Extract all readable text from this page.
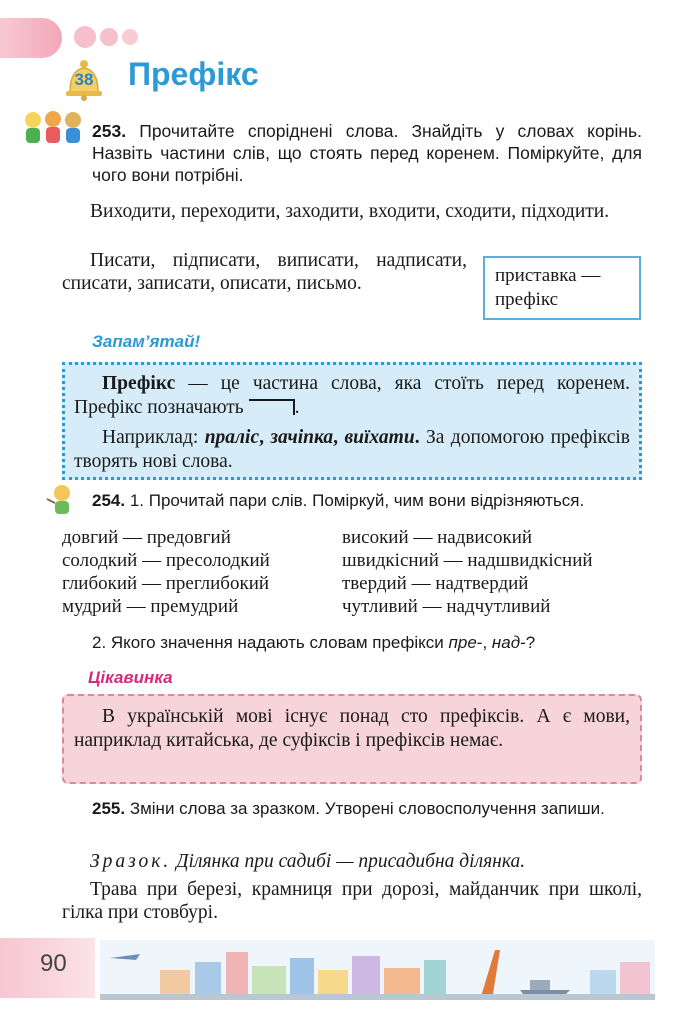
38	Префікс

253. Прочитайте споріднені слова. Знайдіть у словах корінь. Назвіть частини слів, що стоять перед коренем. Поміркуйте, для чого вони потрібні.

Виходити, переходити, заходити, входити, сходити, підходити.

Писати, підписати, виписати, надписати, списати, записати, описати, письмо.	приставка — префікс
Запам’ятай!

Префікс — це частина слова, яка стоїть перед коренем. Префікс позначають .

Наприклад: праліс, зачіпка, виїхати. За допомогою префіксів творять нові слова.

254. 1. Прочитай пари слів. Поміркуй, чим вони відрізняються.

довгий — предовгий
солодкий — пресолодкий
глибокий — преглибокий
мудрий — премудрий
високий — надвисокий
швидкісний — надшвидкісний
твердий — надтвердий
чутливий — надчутливий

2. Якого значення надають словам префікси пре-, над-?

Цікавинка

В українській мові існує понад сто префіксів. А є мови, наприклад китайська, де суфіксів і префіксів немає.

255. Зміни слова за зразком. Утворені словосполучення запиши.

Зразок. Ділянка при садибі — присадибна ділянка.

Трава при березі, крамниця при дорозі, майданчик при школі, гілка при стовбурі.

90
